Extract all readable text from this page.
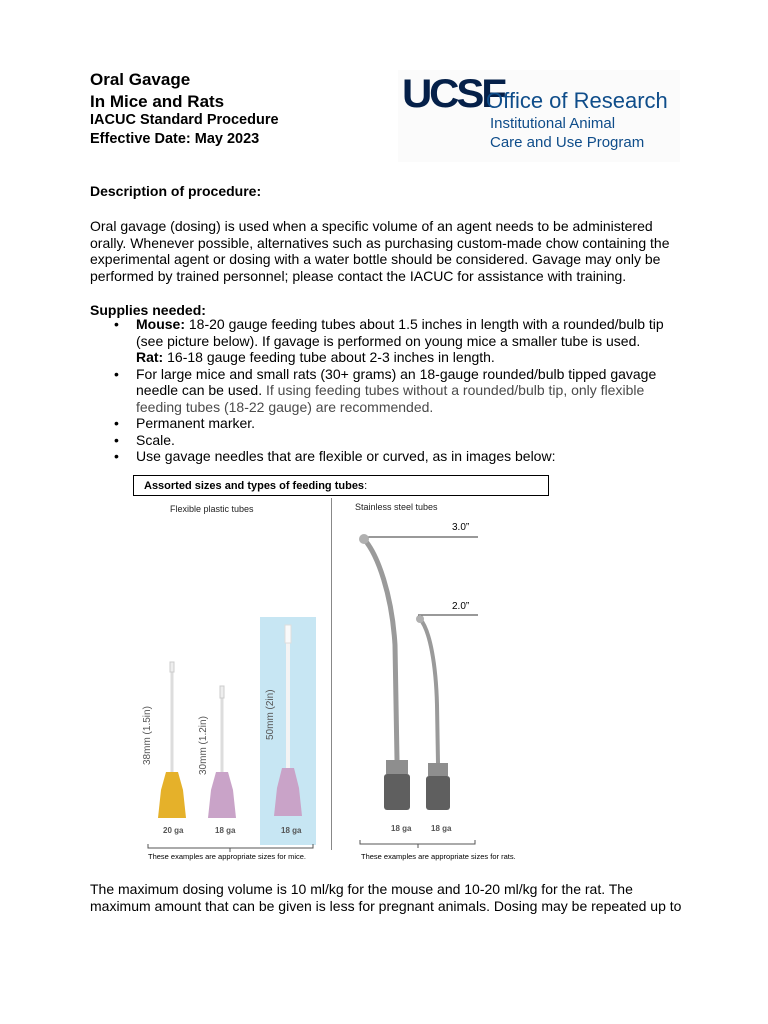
Oral Gavage
In Mice and Rats
IACUC Standard Procedure
Effective Date: May 2023
UCSF
Office of Research
Institutional Animal
Care and Use Program
Description of procedure:
Oral gavage (dosing) is used when a specific volume of an agent needs to be administered orally. Whenever possible, alternatives such as purchasing custom-made chow containing the experimental agent or dosing with a water bottle should be considered. Gavage may only be performed by trained personnel; please contact the IACUC for assistance with training.
Supplies needed:
• Mouse: 18-20 gauge feeding tubes about 1.5 inches in length with a rounded/bulb tip (see picture below). If gavage is performed on young mice a smaller tube is used.
Rat: 16-18 gauge feeding tube about 2-3 inches in length.
• For large mice and small rats (30+ grams) an 18-gauge rounded/bulb tipped gavage needle can be used. If using feeding tubes without a rounded/bulb tip, only flexible feeding tubes (18-22 gauge) are recommended.
• Permanent marker.
• Scale.
• Use gavage needles that are flexible or curved, as in images below:
Assorted sizes and types of feeding tubes:
Flexible plastic tubes	Stainless steel tubes
38mm (1.5in)	30mm (1.2in)
50mm (2in)
20 ga	18 ga	18 ga
These examples are appropriate sizes for mice.
3.0”
2.0”
18 ga 18 ga
These examples are appropriate sizes for rats.
The maximum dosing volume is 10 ml/kg for the mouse and 10-20 ml/kg for the rat. The maximum amount that can be given is less for pregnant animals. Dosing may be repeated up to
